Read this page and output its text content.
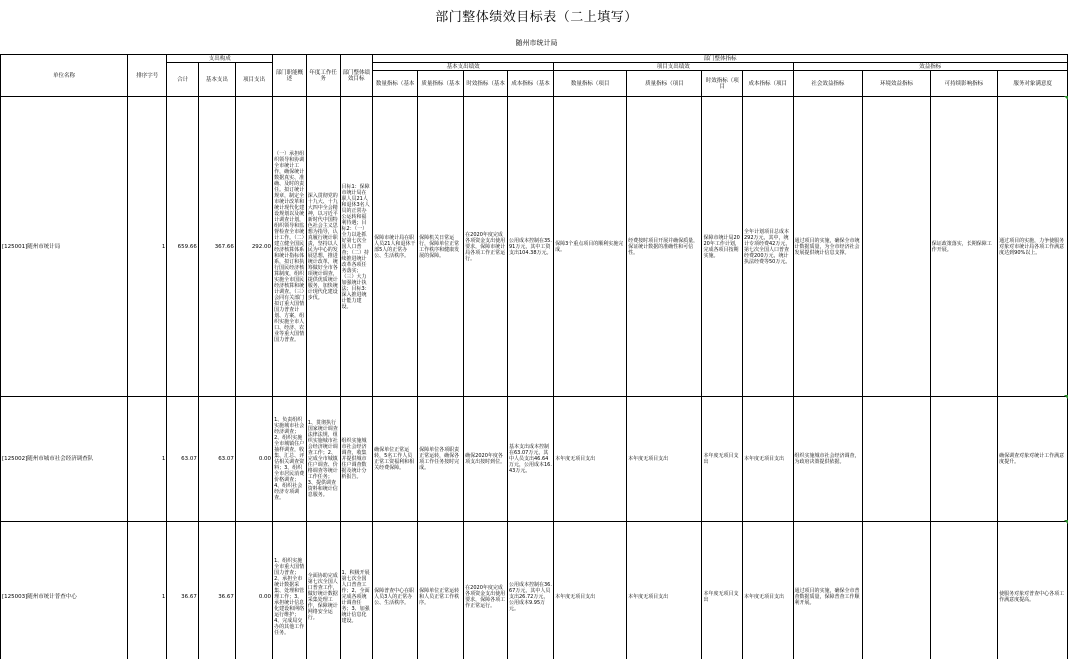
部门整体绩效目标表（二上填写）
随州市统计局
单位名称	排序字号	支出构成			部门职能概述	年度工作任务	部门整体绩效目标	部门整体指标											
		合计	基本支出	项目支出				基本支出绩效				项目支出绩效				效益指标			
								数量指标（基本	质量指标（基本	时效指标（基本	成本指标（基本	数量指标（项目	质量指标（项目	时效指标（项目	成本指标（项目	社会效益指标	环境效益指标	可持续影响指标	服务对象满意度
[125001]随州市统计局	1	659.66	367.66	292.00	（一）承担组织领导和协调全市统计工作，确保统计数据真实、准确、及时的责任。拟订统计规章，制定全市统计改革和统计现代化建设规划以及统计调查计划，组织领导和监督检查全市统计工作。（二）建立健全国民经济核算体系和统计指标体系，拟订和执行国民经济核算制度，组织实施全市国民经济核算和统计调查。（三）会同有关部门拟订重大国情国力普查计划、方案，组织实施全市人口、经济、农业等重大国情国力普查。	深入贯彻党的十九大、十九大四中全会精神，以习近平新时代中国特色社会主义思想为指导，认真履行统计职责，坚持以人民为中心的发展思想，推进统计改革，统筹做好全市各项统计调查，提供优质统计服务，加快统计现代化建设步伐。	目标1：保障市统计局在职人员21人和退休3名人员的正常办公运转和福利待遇；目标2：（一）全力以赴抓好第七次全国人口普查；（二）持续推进统计改革各项任务落实；（三）大力加强统计执法；目标3：深入推进统计能力建设。	保障市统计局在职人员21人和退休干部5人的正常办公、生活秩序。	保障机关日常运行，保障单位正常工作秩序和健康发展的保障。	在2020年度完成各项资金支出使用要求，保障市统计局各项工作正常运行。	公用成本控制在35.91万元，其中工资支出104.38万元。	保障3个重点项目的顺利实施完成。	经费按时项目开展并确保质量，保证统计数据的准确性和可信性。	保障市统计局2020年工作计划，完成各项目按期实施。	全年计划项目总成本292万元，其中，统计专项经费42万元，第七次全国人口普查经费200万元，统计执法经费等50万元。	通过项目的实施，确保全市统计数据质量，为全市经济社会发展提供统计信息支撑。		保证政策落实，长期保障工作开展。	通过项目的实施，力争使服务对象对市统计局各项工作满意度达到90%以上。
[125002]随州市城市社会经济调查队	1	63.07	63.07	0.00	1、负责组织实施城市社会经济调查；2、组织实施全市城镇住户抽样调查，收集、汇总、评估相关调查资料；3、组织全市居民消费价格调查；4、组织社会经济专项调查。	1、贯彻执行国家统计调查法律法规，组织实施城市社会经济统计调查工作；2、完成全市城镇住户调查、价格调查等统计工作任务；3、提供调查资料和统计信息服务。	组织实施城市社会经济调查，收集并提供城市住户调查数据及统计分析报告。	确保单位正常运转，5名工作人员正常工资福利和相关经费保障。	保障单位各项职责正常运转，确保各项工作任务按时完成。	确保2020年度各项支出按时到位。	基本支出成本控制在63.07万元，其中人员支出46.64万元，公用成本16.43万元。	本年度无项目支出	本年度无项目支出	本年度无项目支出	本年度无项目支出	组织实施城市社会经济调查，为政府决策提供依据。			确保调查对象对统计工作满意度提升。
[125003]随州市统计普查中心	1	36.67	36.67	0.00	1、组织实施全市重大国情国力普查；2、承担全市统计数据采集、处理和管理工作；3、承担统计信息化建设和网络运行维护；4、完成局交办的其他工作任务。	全面协助完成第七次全国人口普查工作，做好统计数据采集处理工作，保障统计网络安全运行。	1、积极开展第七次全国人口普查工作；2、全面完成各项统计调查任务；3、加强统计信息化建设。	保障普查中心在职人员3人的正常办公、生活秩序。	保障单位正常运转和人员正常工作秩序。	在2020年度完成各项资金支出使用要求，保障各项工作正常运行。	公用成本控制在36.67万元，其中人员支出26.72万元，公用成本9.95万元。	本年度无项目支出	本年度无项目支出	本年度无项目支出	本年度无项目支出	通过项目的实施，确保全市普查数据质量，保障普查工作顺利开展。			使服务对象对普查中心各项工作满意度提高。
